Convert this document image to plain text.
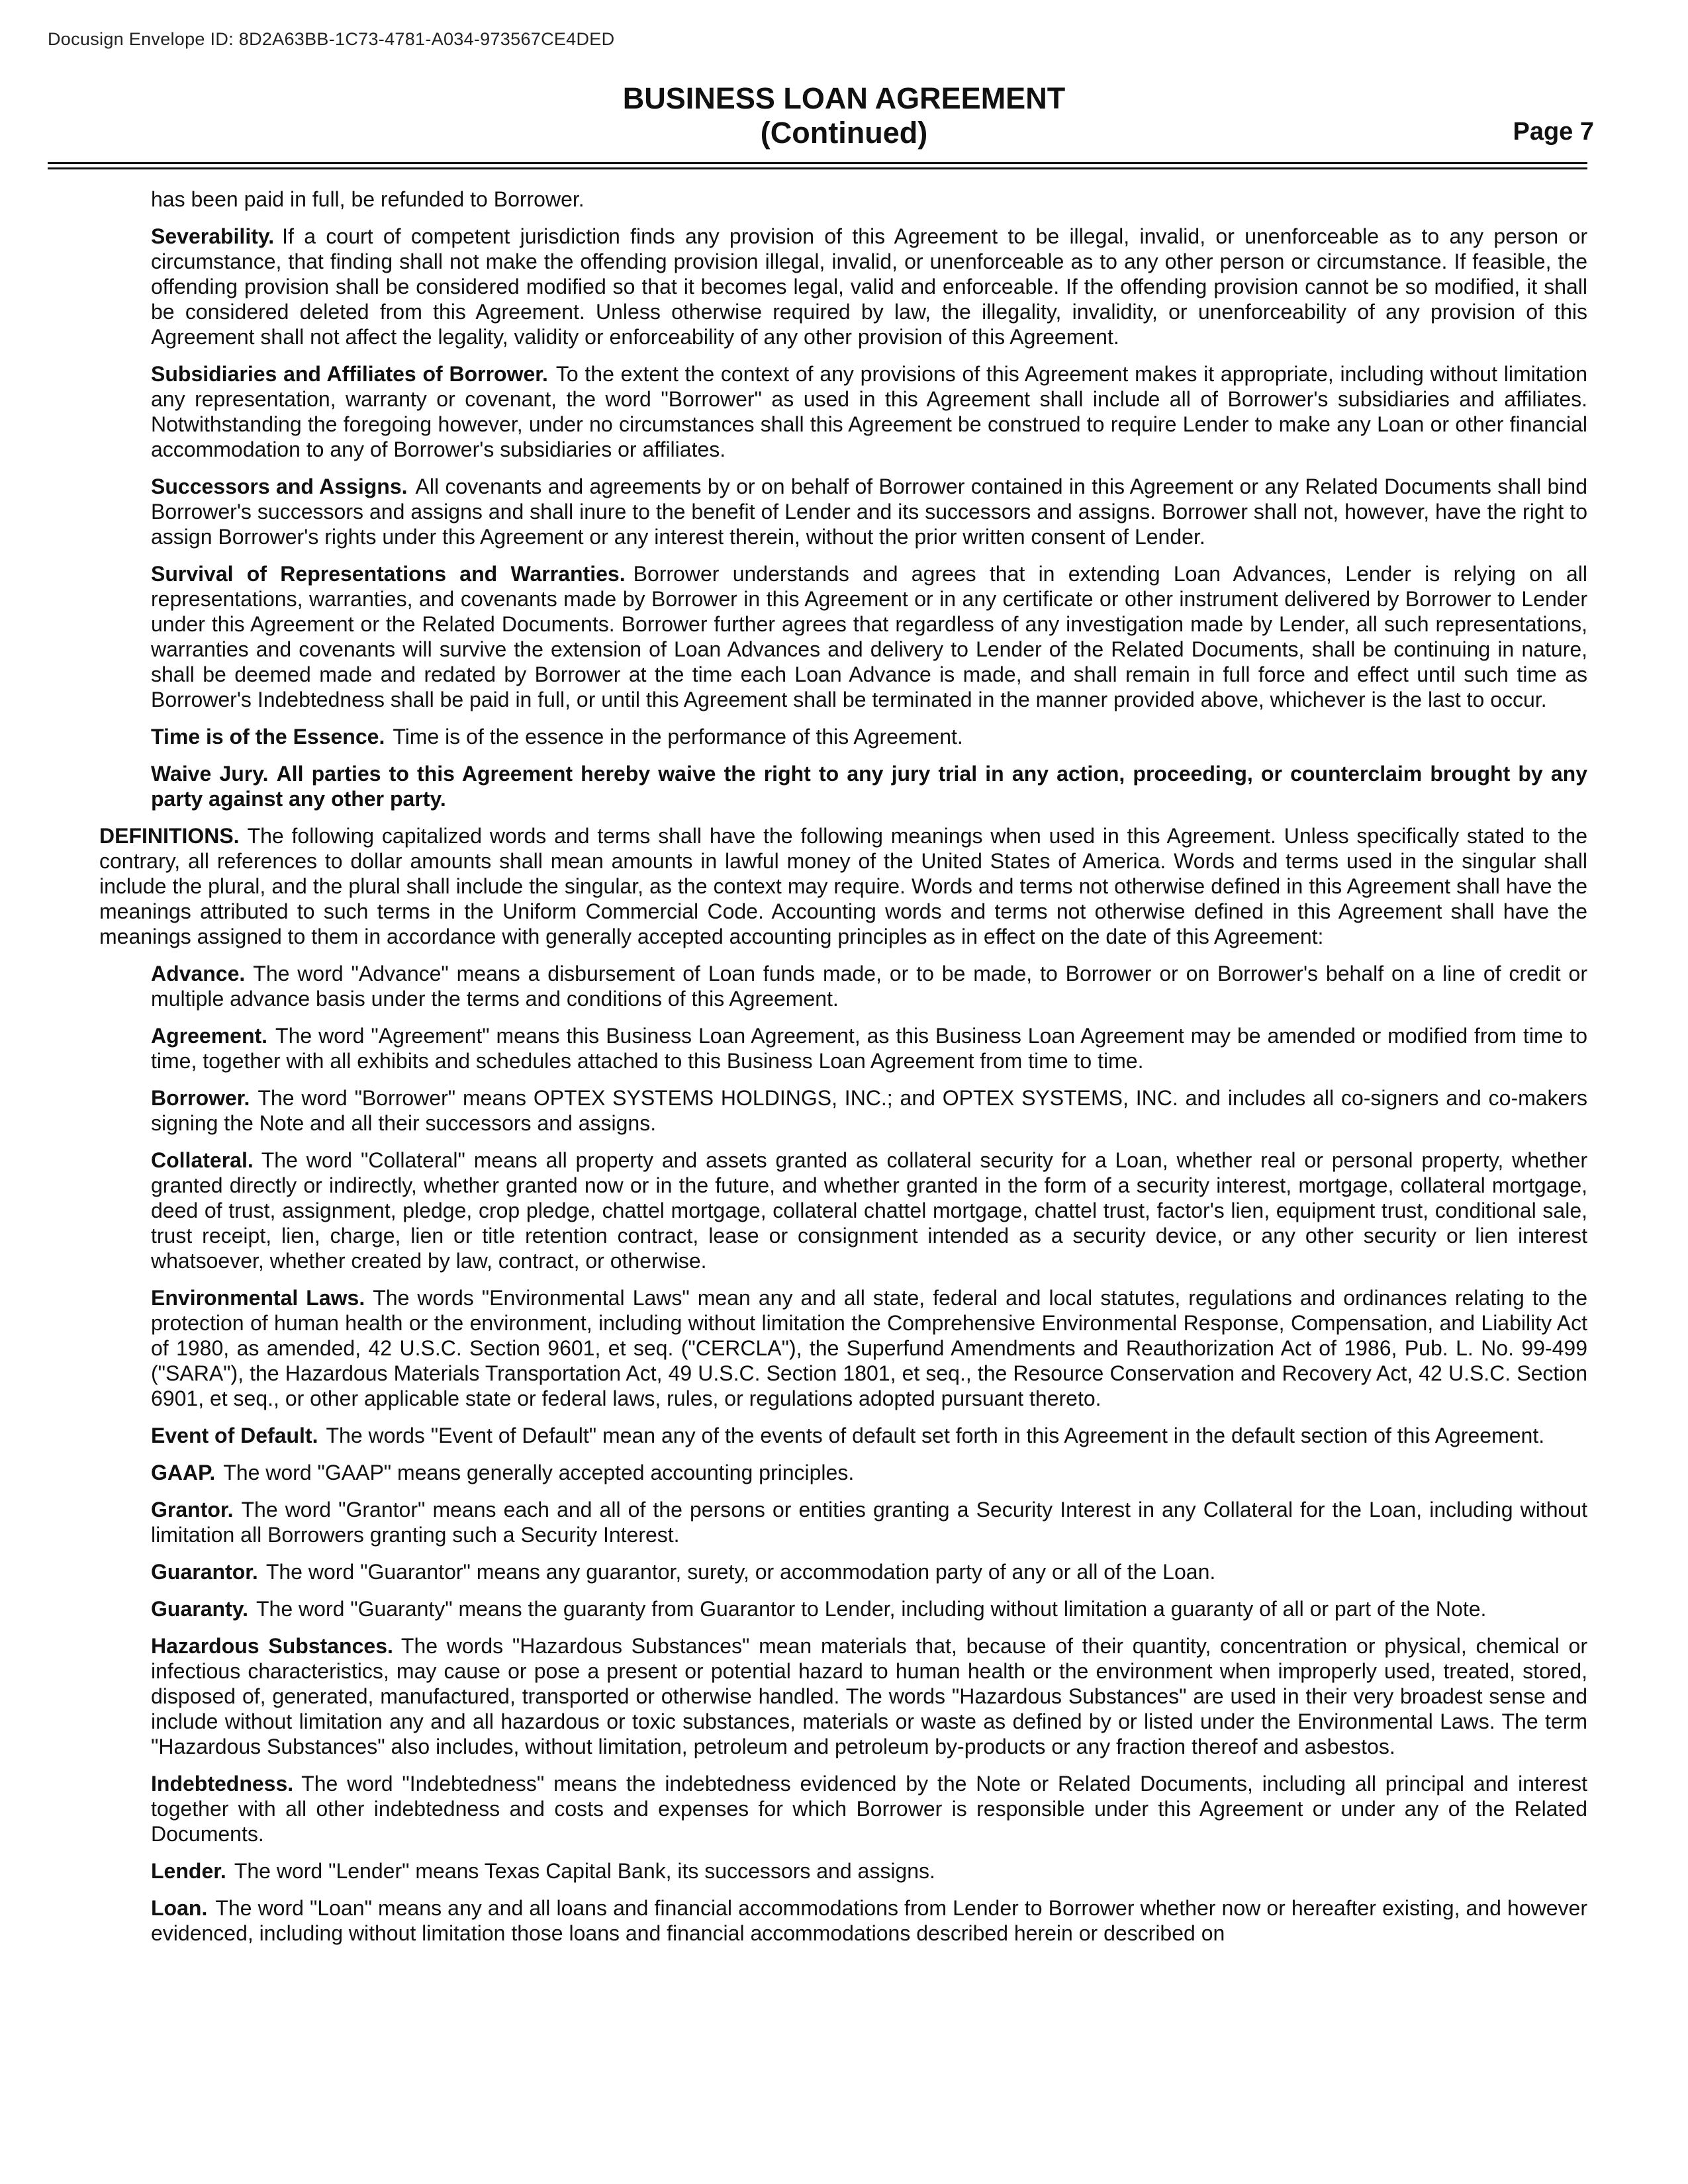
Docusign Envelope ID: 8D2A63BB-1C73-4781-A034-973567CE4DED
BUSINESS LOAN AGREEMENT
(Continued)	Page 7

has been paid in full, be refunded to Borrower.

Severability. If a court of competent jurisdiction finds any provision of this Agreement to be illegal, invalid, or unenforceable as to any person or circumstance, that finding shall not make the offending provision illegal, invalid, or unenforceable as to any other person or circumstance. If feasible, the offending provision shall be considered modified so that it becomes legal, valid and enforceable. If the offending provision cannot be so modified, it shall be considered deleted from this Agreement. Unless otherwise required by law, the illegality, invalidity, or unenforceability of any provision of this Agreement shall not affect the legality, validity or enforceability of any other provision of this Agreement.

Subsidiaries and Affiliates of Borrower. To the extent the context of any provisions of this Agreement makes it appropriate, including without limitation any representation, warranty or covenant, the word "Borrower" as used in this Agreement shall include all of Borrower's subsidiaries and affiliates. Notwithstanding the foregoing however, under no circumstances shall this Agreement be construed to require Lender to make any Loan or other financial accommodation to any of Borrower's subsidiaries or affiliates.

Successors and Assigns. All covenants and agreements by or on behalf of Borrower contained in this Agreement or any Related Documents shall bind Borrower's successors and assigns and shall inure to the benefit of Lender and its successors and assigns. Borrower shall not, however, have the right to assign Borrower's rights under this Agreement or any interest therein, without the prior written consent of Lender.

Survival of Representations and Warranties. Borrower understands and agrees that in extending Loan Advances, Lender is relying on all representations, warranties, and covenants made by Borrower in this Agreement or in any certificate or other instrument delivered by Borrower to Lender under this Agreement or the Related Documents. Borrower further agrees that regardless of any investigation made by Lender, all such representations, warranties and covenants will survive the extension of Loan Advances and delivery to Lender of the Related Documents, shall be continuing in nature, shall be deemed made and redated by Borrower at the time each Loan Advance is made, and shall remain in full force and effect until such time as Borrower's Indebtedness shall be paid in full, or until this Agreement shall be terminated in the manner provided above, whichever is the last to occur.

Time is of the Essence. Time is of the essence in the performance of this Agreement.

Waive Jury. All parties to this Agreement hereby waive the right to any jury trial in any action, proceeding, or counterclaim brought by any party against any other party.

DEFINITIONS. The following capitalized words and terms shall have the following meanings when used in this Agreement. Unless specifically stated to the contrary, all references to dollar amounts shall mean amounts in lawful money of the United States of America. Words and terms used in the singular shall include the plural, and the plural shall include the singular, as the context may require. Words and terms not otherwise defined in this Agreement shall have the meanings attributed to such terms in the Uniform Commercial Code. Accounting words and terms not otherwise defined in this Agreement shall have the meanings assigned to them in accordance with generally accepted accounting principles as in effect on the date of this Agreement:

Advance. The word "Advance" means a disbursement of Loan funds made, or to be made, to Borrower or on Borrower's behalf on a line of credit or multiple advance basis under the terms and conditions of this Agreement.

Agreement. The word "Agreement" means this Business Loan Agreement, as this Business Loan Agreement may be amended or modified from time to time, together with all exhibits and schedules attached to this Business Loan Agreement from time to time.

Borrower. The word "Borrower" means OPTEX SYSTEMS HOLDINGS, INC.; and OPTEX SYSTEMS, INC. and includes all co-signers and co-makers signing the Note and all their successors and assigns.

Collateral. The word "Collateral" means all property and assets granted as collateral security for a Loan, whether real or personal property, whether granted directly or indirectly, whether granted now or in the future, and whether granted in the form of a security interest, mortgage, collateral mortgage, deed of trust, assignment, pledge, crop pledge, chattel mortgage, collateral chattel mortgage, chattel trust, factor's lien, equipment trust, conditional sale, trust receipt, lien, charge, lien or title retention contract, lease or consignment intended as a security device, or any other security or lien interest whatsoever, whether created by law, contract, or otherwise.

Environmental Laws. The words "Environmental Laws" mean any and all state, federal and local statutes, regulations and ordinances relating to the protection of human health or the environment, including without limitation the Comprehensive Environmental Response, Compensation, and Liability Act of 1980, as amended, 42 U.S.C. Section 9601, et seq. ("CERCLA"), the Superfund Amendments and Reauthorization Act of 1986, Pub. L. No. 99-499 ("SARA"), the Hazardous Materials Transportation Act, 49 U.S.C. Section 1801, et seq., the Resource Conservation and Recovery Act, 42 U.S.C. Section 6901, et seq., or other applicable state or federal laws, rules, or regulations adopted pursuant thereto.

Event of Default. The words "Event of Default" mean any of the events of default set forth in this Agreement in the default section of this Agreement.

GAAP. The word "GAAP" means generally accepted accounting principles.

Grantor. The word "Grantor" means each and all of the persons or entities granting a Security Interest in any Collateral for the Loan, including without limitation all Borrowers granting such a Security Interest.

Guarantor. The word "Guarantor" means any guarantor, surety, or accommodation party of any or all of the Loan.

Guaranty. The word "Guaranty" means the guaranty from Guarantor to Lender, including without limitation a guaranty of all or part of the Note.

Hazardous Substances. The words "Hazardous Substances" mean materials that, because of their quantity, concentration or physical, chemical or infectious characteristics, may cause or pose a present or potential hazard to human health or the environment when improperly used, treated, stored, disposed of, generated, manufactured, transported or otherwise handled. The words "Hazardous Substances" are used in their very broadest sense and include without limitation any and all hazardous or toxic substances, materials or waste as defined by or listed under the Environmental Laws. The term "Hazardous Substances" also includes, without limitation, petroleum and petroleum by-products or any fraction thereof and asbestos.

Indebtedness. The word "Indebtedness" means the indebtedness evidenced by the Note or Related Documents, including all principal and interest together with all other indebtedness and costs and expenses for which Borrower is responsible under this Agreement or under any of the Related Documents.

Lender. The word "Lender" means Texas Capital Bank, its successors and assigns.

Loan. The word "Loan" means any and all loans and financial accommodations from Lender to Borrower whether now or hereafter existing, and however evidenced, including without limitation those loans and financial accommodations described herein or described on
